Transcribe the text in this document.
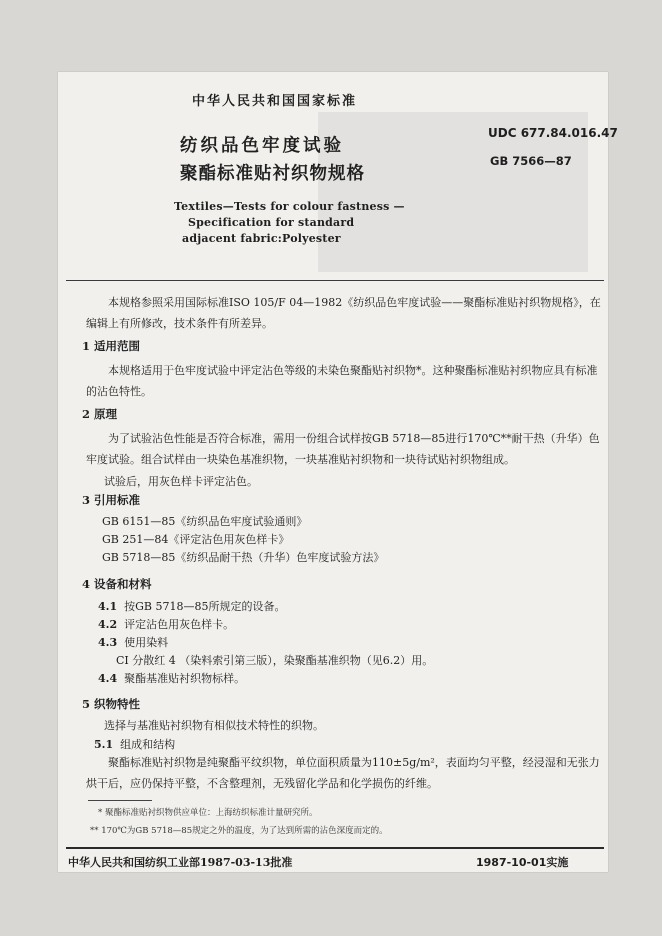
中华人民共和国国家标准
纺织品色牢度试验
聚酯标准贴衬织物规格
UDC 677.84.016.47
GB 7566—87
Textiles—Tests for colour fastness —
Specification for standard
adjacent fabric:Polyester
本规格参照采用国际标准ISO 105/F 04—1982《纺织品色牢度试验——聚酯标准贴衬织物规格》，在编辑上有所修改，技术条件有所差异。
1 适用范围
本规格适用于色牢度试验中评定沾色等级的未染色聚酯贴衬织物*。这种聚酯标准贴衬织物应具有标准的沾色特性。
2 原理
为了试验沾色性能是否符合标准，需用一份组合试样按GB 5718—85进行170℃**耐干热（升华）色牢度试验。组合试样由一块染色基准织物，一块基准贴衬织物和一块待试贴衬织物组成。
试验后，用灰色样卡评定沾色。
3 引用标准
GB 6151—85《纺织品色牢度试验通则》
GB 251—84《评定沾色用灰色样卡》
GB 5718—85《纺织品耐干热（升华）色牢度试验方法》
4 设备和材料
4.1 按GB 5718—85所规定的设备。
4.2 评定沾色用灰色样卡。
4.3 使用染料
CI 分散红 4 （染料索引第三版），染聚酯基准织物（见6.2）用。
4.4 聚酯基准贴衬织物标样。
5 织物特性
选择与基准贴衬织物有相似技术特性的织物。
5.1 组成和结构
聚酯标准贴衬织物是纯聚酯平纹织物，单位面积质量为110±5g/m²，表面均匀平整，经浸湿和无张力烘干后，应仍保持平整，不含整理剂，无残留化学品和化学损伤的纤维。
* 聚酯标准贴衬织物供应单位：上海纺织标准计量研究所。
** 170℃为GB 5718—85规定之外的温度，为了达到所需的沾色深度而定的。
中华人民共和国纺织工业部1987-03-13批准	1987-10-01实施
